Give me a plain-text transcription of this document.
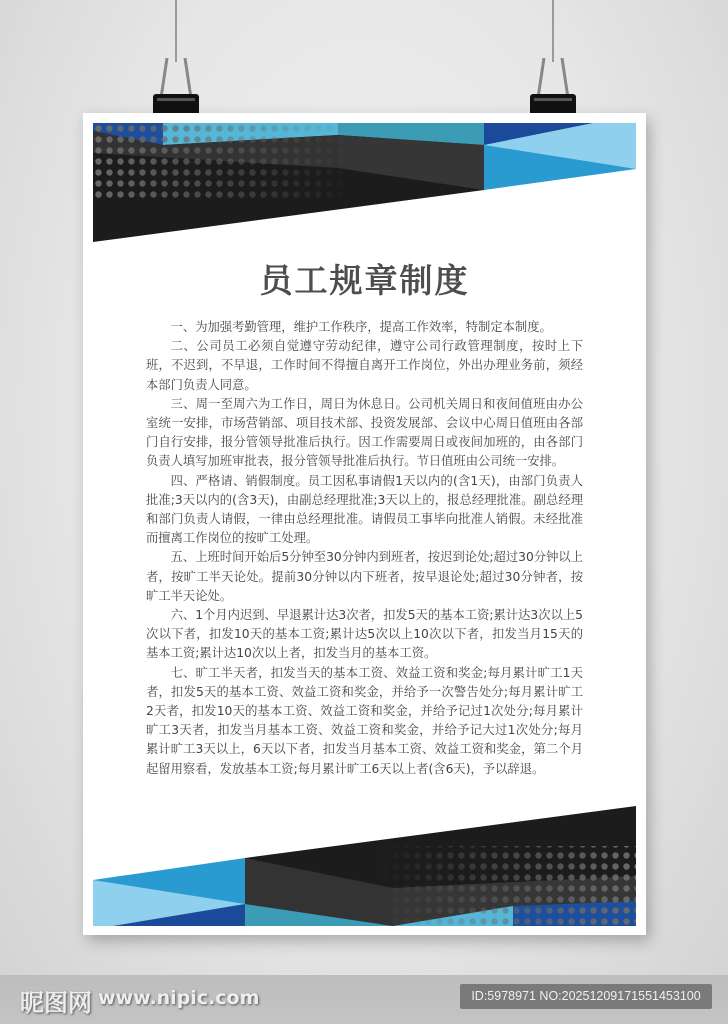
员工规章制度

一、为加强考勤管理，维护工作秩序，提高工作效率，特制定本制度。

二、公司员工必须自觉遵守劳动纪律，遵守公司行政管理制度，按时上下班，不迟到，不早退，工作时间不得擅自离开工作岗位，外出办理业务前，须经本部门负责人同意。

三、周一至周六为工作日，周日为休息日。公司机关周日和夜间值班由办公室统一安排，市场营销部、项目技术部、投资发展部、会议中心周日值班由各部门自行安排，报分管领导批准后执行。因工作需要周日或夜间加班的，由各部门负责人填写加班审批表，报分管领导批准后执行。节日值班由公司统一安排。

四、严格请、销假制度。员工因私事请假1天以内的(含1天)，由部门负责人批准;3天以内的(含3天)，由副总经理批准;3天以上的，报总经理批准。副总经理和部门负责人请假，一律由总经理批准。请假员工事毕向批准人销假。未经批准而擅离工作岗位的按旷工处理。

五、上班时间开始后5分钟至30分钟内到班者，按迟到论处;超过30分钟以上者，按旷工半天论处。提前30分钟以内下班者，按早退论处;超过30分钟者，按旷工半天论处。

六、1个月内迟到、早退累计达3次者，扣发5天的基本工资;累计达3次以上5次以下者，扣发10天的基本工资;累计达5次以上10次以下者，扣发当月15天的基本工资;累计达10次以上者，扣发当月的基本工资。

七、旷工半天者，扣发当天的基本工资、效益工资和奖金;每月累计旷工1天者，扣发5天的基本工资、效益工资和奖金，并给予一次警告处分;每月累计旷工2天者，扣发10天的基本工资、效益工资和奖金，并给予记过1次处分;每月累计旷工3天者，扣发当月基本工资、效益工资和奖金，并给予记大过1次处分;每月累计旷工3天以上，6天以下者，扣发当月基本工资、效益工资和奖金，第二个月起留用察看，发放基本工资;每月累计旷工6天以上者(含6天)，予以辞退。

昵图网 www.nipic.com	ID:5978971 NO:20251209171551453100
